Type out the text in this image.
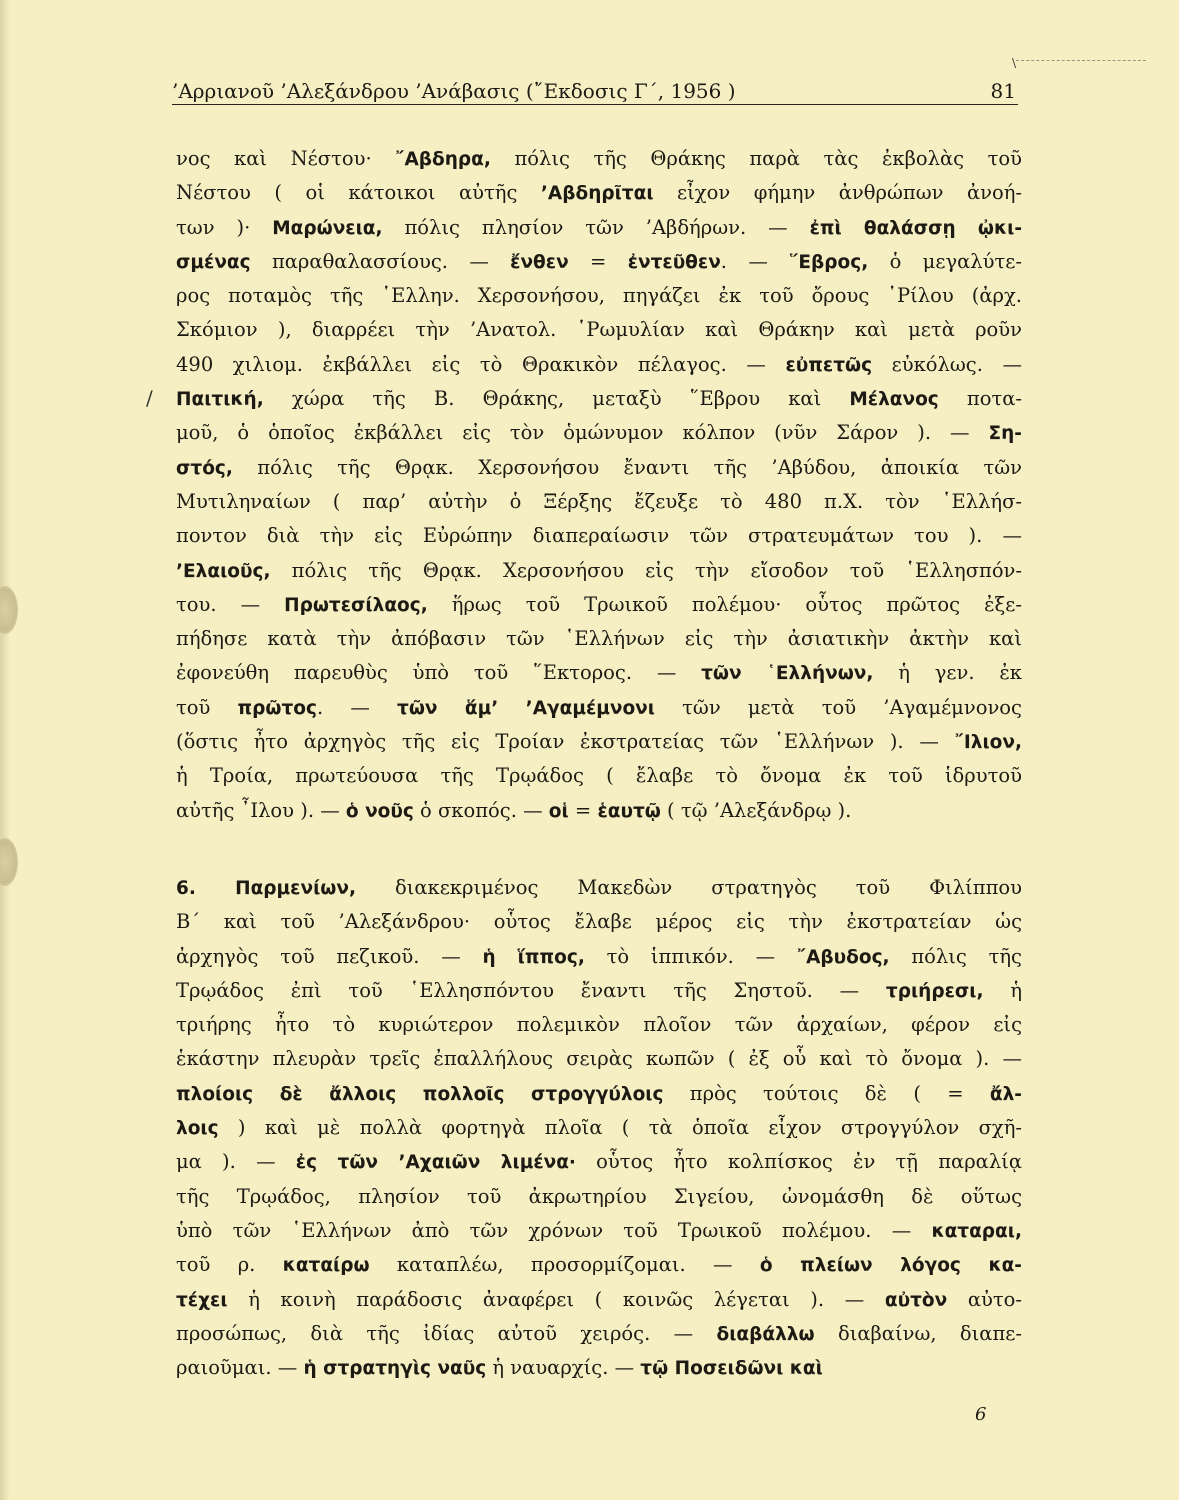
\
’Αρριανοῦ ’Αλεξάνδρου ’Ανάβασις (῎Εκδοσις Γ΄, 1956 )	81
/
νος καὶ Νέστου· ῎Αβδηρα, πόλις τῆς Θράκης παρὰ τὰς ἐκβολὰς τοῦ
Νέστου ( οἱ κάτοικοι αὐτῆς ’Αβδηρῖται εἶχον φήμην ἀνθρώπων ἀνοή-
των )· Μαρώνεια, πόλις πλησίον τῶν ’Αβδήρων. — ἐπὶ θαλάσσῃ ᾠκι-
σμένας παραθαλασσίους. — ἔνθεν = ἐντεῦθεν. — ῞Εβρος, ὁ μεγαλύτε-
ρος ποταμὸς τῆς ῾Ελλην. Χερσονήσου, πηγάζει ἐκ τοῦ ὄρους ῾Ρίλου (ἀρχ.
Σκόμιον ), διαρρέει τὴν ’Ανατολ. ῾Ρωμυλίαν καὶ Θράκην καὶ μετὰ ροῦν
490 χιλιομ. ἐκβάλλει εἰς τὸ Θρακικὸν πέλαγος. — εὐπετῶς εὐκόλως. —
Παιτική, χώρα τῆς Β. Θράκης, μεταξὺ ῞Εβρου καὶ Μέλανος ποτα-
μοῦ, ὁ ὁποῖος ἐκβάλλει εἰς τὸν ὁμώνυμον κόλπον (νῦν Σάρον ). — Ση-
στός, πόλις τῆς Θρᾳκ. Χερσονήσου ἔναντι τῆς ’Αβύδου, ἀποικία τῶν
Μυτιληναίων ( παρ’ αὐτὴν ὁ Ξέρξης ἔζευξε τὸ 480 π.Χ. τὸν ῾Ελλήσ-
ποντον διὰ τὴν εἰς Εὐρώπην διαπεραίωσιν τῶν στρατευμάτων του ). —
’Ελαιοῦς, πόλις τῆς Θρᾳκ. Χερσονήσου εἰς τὴν εἴσοδον τοῦ ῾Ελλησπόν-
του. — Πρωτεσίλαος, ἥρως τοῦ Τρωικοῦ πολέμου· οὗτος πρῶτος ἐξε-
πήδησε κατὰ τὴν ἀπόβασιν τῶν ῾Ελλήνων εἰς τὴν ἀσιατικὴν ἀκτὴν καὶ
ἐφονεύθη παρευθὺς ὑπὸ τοῦ ῞Εκτορος. — τῶν ῾Ελλήνων, ἡ γεν. ἐκ
τοῦ πρῶτος. — τῶν ἅμ’ ’Αγαμέμνονι τῶν μετὰ τοῦ ’Αγαμέμνονος
(ὅστις ἦτο ἀρχηγὸς τῆς εἰς Τροίαν ἐκστρατείας τῶν ῾Ελλήνων ). — ῎Ιλιον,
ἡ Τροία, πρωτεύουσα τῆς Τρῳάδος ( ἔλαβε τὸ ὄνομα ἐκ τοῦ ἱδρυτοῦ
αὐτῆς ῏Ιλου ). — ὁ νοῦς ὁ σκοπός. — οἱ = ἑαυτῷ ( τῷ ’Αλεξάνδρῳ ).
6. Παρμενίων, διακεκριμένος Μακεδὼν στρατηγὸς τοῦ Φιλίππου
Β΄ καὶ τοῦ ’Αλεξάνδρου· οὗτος ἔλαβε μέρος εἰς τὴν ἐκστρατείαν ὡς
ἀρχηγὸς τοῦ πεζικοῦ. — ἡ ἵππος, τὸ ἱππικόν. — ῎Αβυδος, πόλις τῆς
Τρῳάδος ἐπὶ τοῦ ῾Ελλησπόντου ἔναντι τῆς Σηστοῦ. — τριήρεσι, ἡ
τριήρης ἦτο τὸ κυριώτερον πολεμικὸν πλοῖον τῶν ἀρχαίων, φέρον εἰς
ἑκάστην πλευρὰν τρεῖς ἐπαλλήλους σειρὰς κωπῶν ( ἐξ οὗ καὶ τὸ ὄνομα ). —
πλοίοις δὲ ἄλλοις πολλοῖς στρογγύλοις πρὸς τούτοις δὲ ( = ἄλ-
λοις ) καὶ μὲ πολλὰ φορτηγὰ πλοῖα ( τὰ ὁποῖα εἶχον στρογγύλον σχῆ-
μα ). — ἐς τῶν ’Αχαιῶν λιμένα· οὗτος ἦτο κολπίσκος ἐν τῇ παραλίᾳ
τῆς Τρῳάδος, πλησίον τοῦ ἀκρωτηρίου Σιγείου, ὠνομάσθη δὲ οὕτως
ὑπὸ τῶν ῾Ελλήνων ἀπὸ τῶν χρόνων τοῦ Τρωικοῦ πολέμου. — καταραι,
τοῦ ρ. καταίρω καταπλέω, προσορμίζομαι. — ὁ πλείων λόγος κα-
τέχει ἡ κοινὴ παράδοσις ἀναφέρει ( κοινῶς λέγεται ). — αὐτὸν αὐτο-
προσώπως, διὰ τῆς ἰδίας αὐτοῦ χειρός. — διαβάλλω διαβαίνω, διαπε-
ραιοῦμαι. — ἡ στρατηγὶς ναῦς ἡ ναυαρχίς. — τῷ Ποσειδῶνι καὶ
6
